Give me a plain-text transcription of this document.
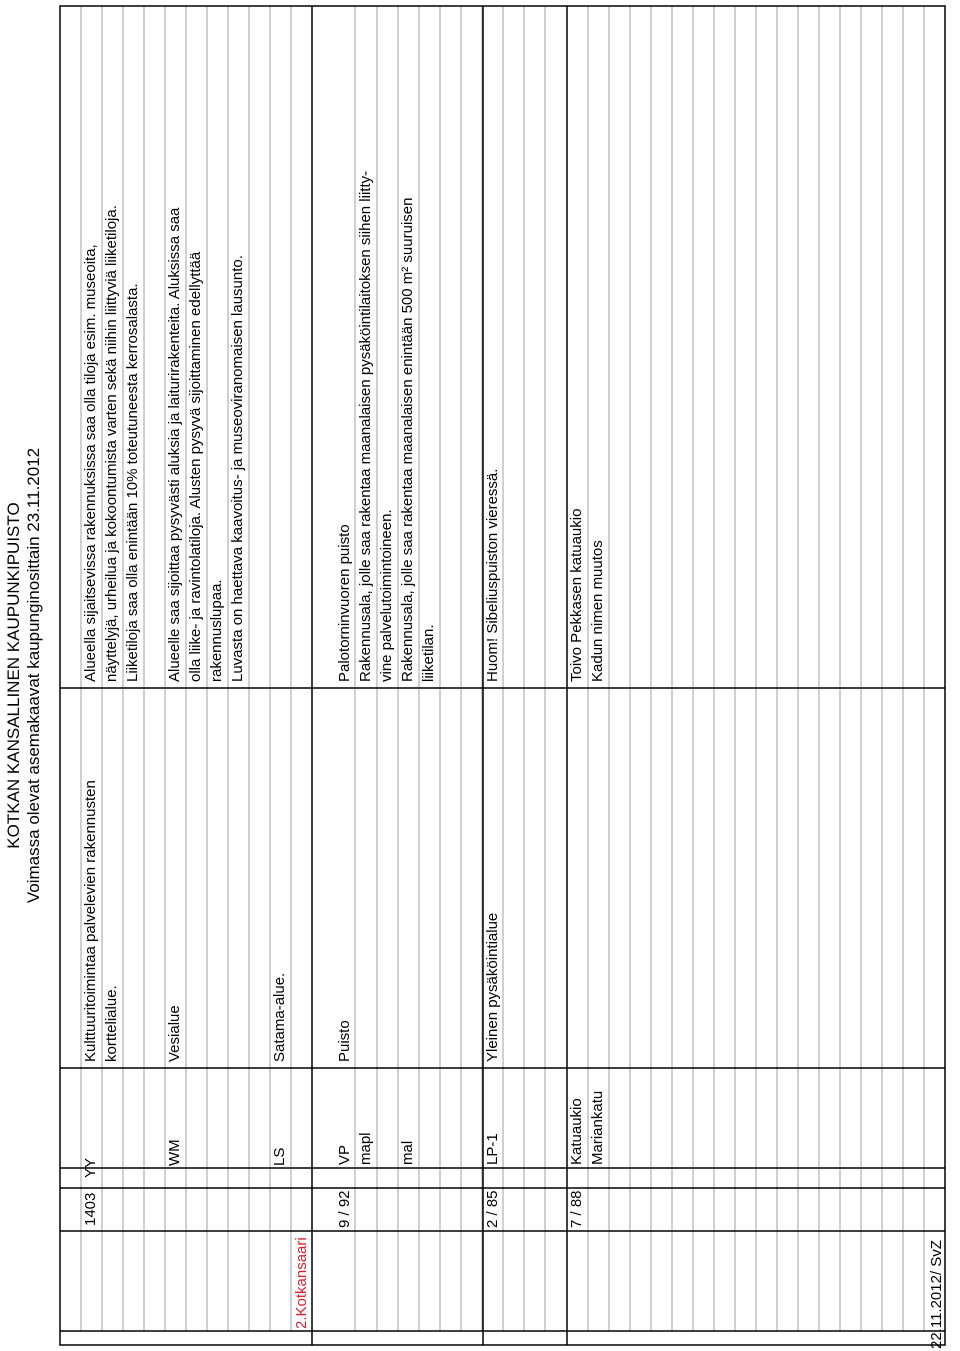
KOTKAN KANSALLINEN KAUPUNKIPUISTO Voimassa olevat asemakaavat kaupunginosittain 23.11.2012
1403
YY
Kulttuuritoimintaa palvelevien rakennusten korttelialue.
Alueella sijaitsevissa rakennuksissa saa olla tiloja esim. museoita, näyttelyjä, urheilua ja kokoontumista varten sekä niihin liittyviä liiketiloja. Liiketiloja saa olla enintään 10% toteutuneesta kerrosalasta.
WM
Vesialue
Alueelle saa sijoittaa pysyvästi aluksia ja laiturirakenteita. Aluksissa saa olla liike- ja ravintolatiloja. Alusten pysyvä sijoittaminen edellyttää rakennuslupaa. Luvasta on haettava kaavoitus- ja museoviranomaisen lausunto.
LS
Satama-alue.
2.Kotkansaari
9 / 92
VP
Puisto
Palotorninvuoren puisto
mapl
Rakennusala, jolle saa rakentaa maanalaisen pysäköintilaitoksen siihen liitty- vine palvelutoimintoineen.
mal
Rakennusala, jolle saa rakentaa maanalaisen enintään 500 m² suuruisen liiketilan.
2 / 85
LP-1
Yleinen pysäköintialue
Huom! Sibeliuspuiston vieressä.
7 / 88
Katuaukio Mariankatu
Toivo Pekkasen katuaukio Kadun nimen muutos
22.11.2012/ SvZ
